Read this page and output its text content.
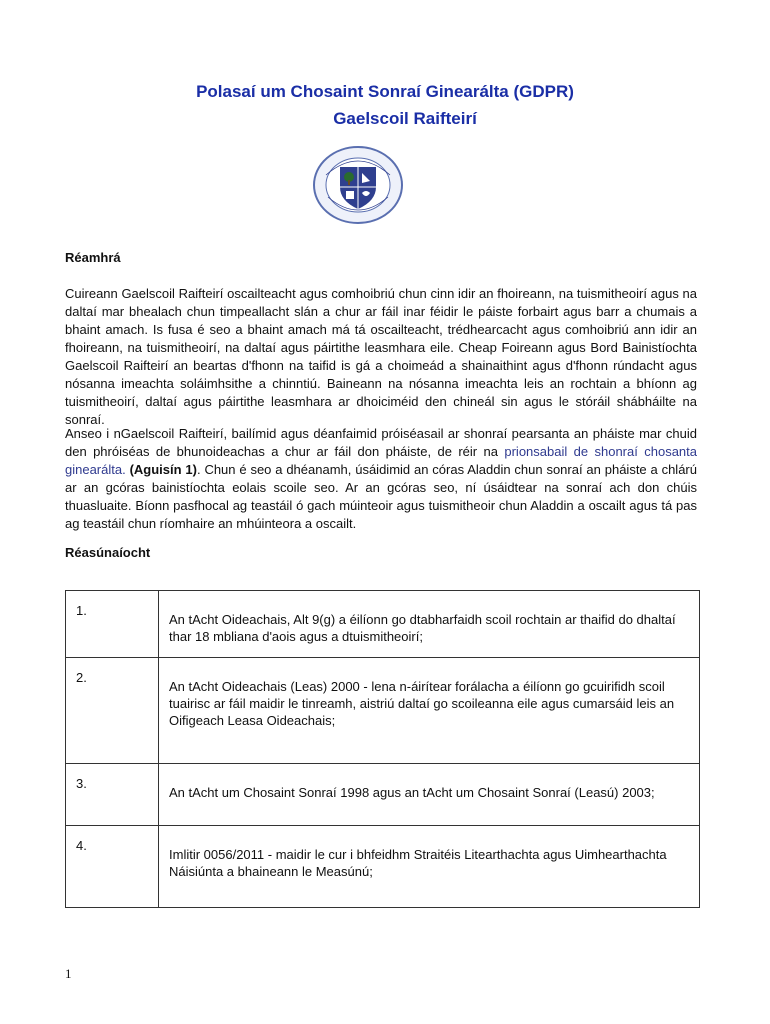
Polasaí um Chosaint Sonraí Ginearálta (GDPR)
Gaelscoil Raifteirí
Réamhrá

Cuireann Gaelscoil Raifteirí oscailteacht agus comhoibriú chun cinn idir an fhoireann, na tuismitheoirí agus na daltaí mar bhealach chun timpeallacht slán a chur ar fáil inar féidir le páiste forbairt agus barr a chumais a bhaint amach. Is fusa é seo a bhaint amach má tá oscailteacht, trédhearcacht agus comhoibriú ann idir an fhoireann, na tuismitheoirí, na daltaí agus páirtithe leasmhara eile. Cheap Foireann agus Bord Bainistíochta Gaelscoil Raifteirí an beartas d'fhonn na taifid is gá a choimeád a shainaithint agus d'fhonn rúndacht agus nósanna imeachta soláimhsithe a chinntiú. Baineann na nósanna imeachta leis an rochtain a bhíonn ag tuismitheoirí, daltaí agus páirtithe leasmhara ar dhoiciméid den chineál sin agus le stóráil shábháilte na sonraí.

Anseo i nGaelscoil Raifteirí, bailímid agus déanfaimid próiséasail ar shonraí pearsanta an pháiste mar chuid den phróiséas de bhunoideachas a chur ar fáil don pháiste, de réir na prionsabail de shonraí chosanta ginearálta. (Aguisín 1). Chun é seo a dhéanamh, úsáidimid an córas Aladdin chun sonraí an pháiste a chlárú ar an gcóras bainistíochta eolais scoile seo. Ar an gcóras seo, ní úsáidtear na sonraí ach don chúis thuasluaite. Bíonn pasfhocal ag teastáil ó gach múinteoir agus tuismitheoir chun Aladdin a oscailt agus tá pas ag teastáil chun ríomhaire an mhúinteora a oscailt.

Réasúnaíocht
1.	An tAcht Oideachais, Alt 9(g) a éilíonn go dtabharfaidh scoil rochtain ar thaifid do dhaltaí thar 18 mbliana d'aois agus a dtuismitheoirí;
2.	An tAcht Oideachais (Leas) 2000 - lena n-áirítear forálacha a éilíonn go gcuirifidh scoil tuairisc ar fáil maidir le tinreamh, aistriú daltaí go scoileanna eile agus cumarsáid leis an Oifigeach Leasa Oideachais;
3.	An tAcht um Chosaint Sonraí 1998 agus an tAcht um Chosaint Sonraí (Leasú) 2003;
4.	Imlitir 0056/2011 - maidir le cur i bhfeidhm Straitéis Litearthachta agus Uimhearthachta Náisiúnta a bhaineann le Measúnú;
1
